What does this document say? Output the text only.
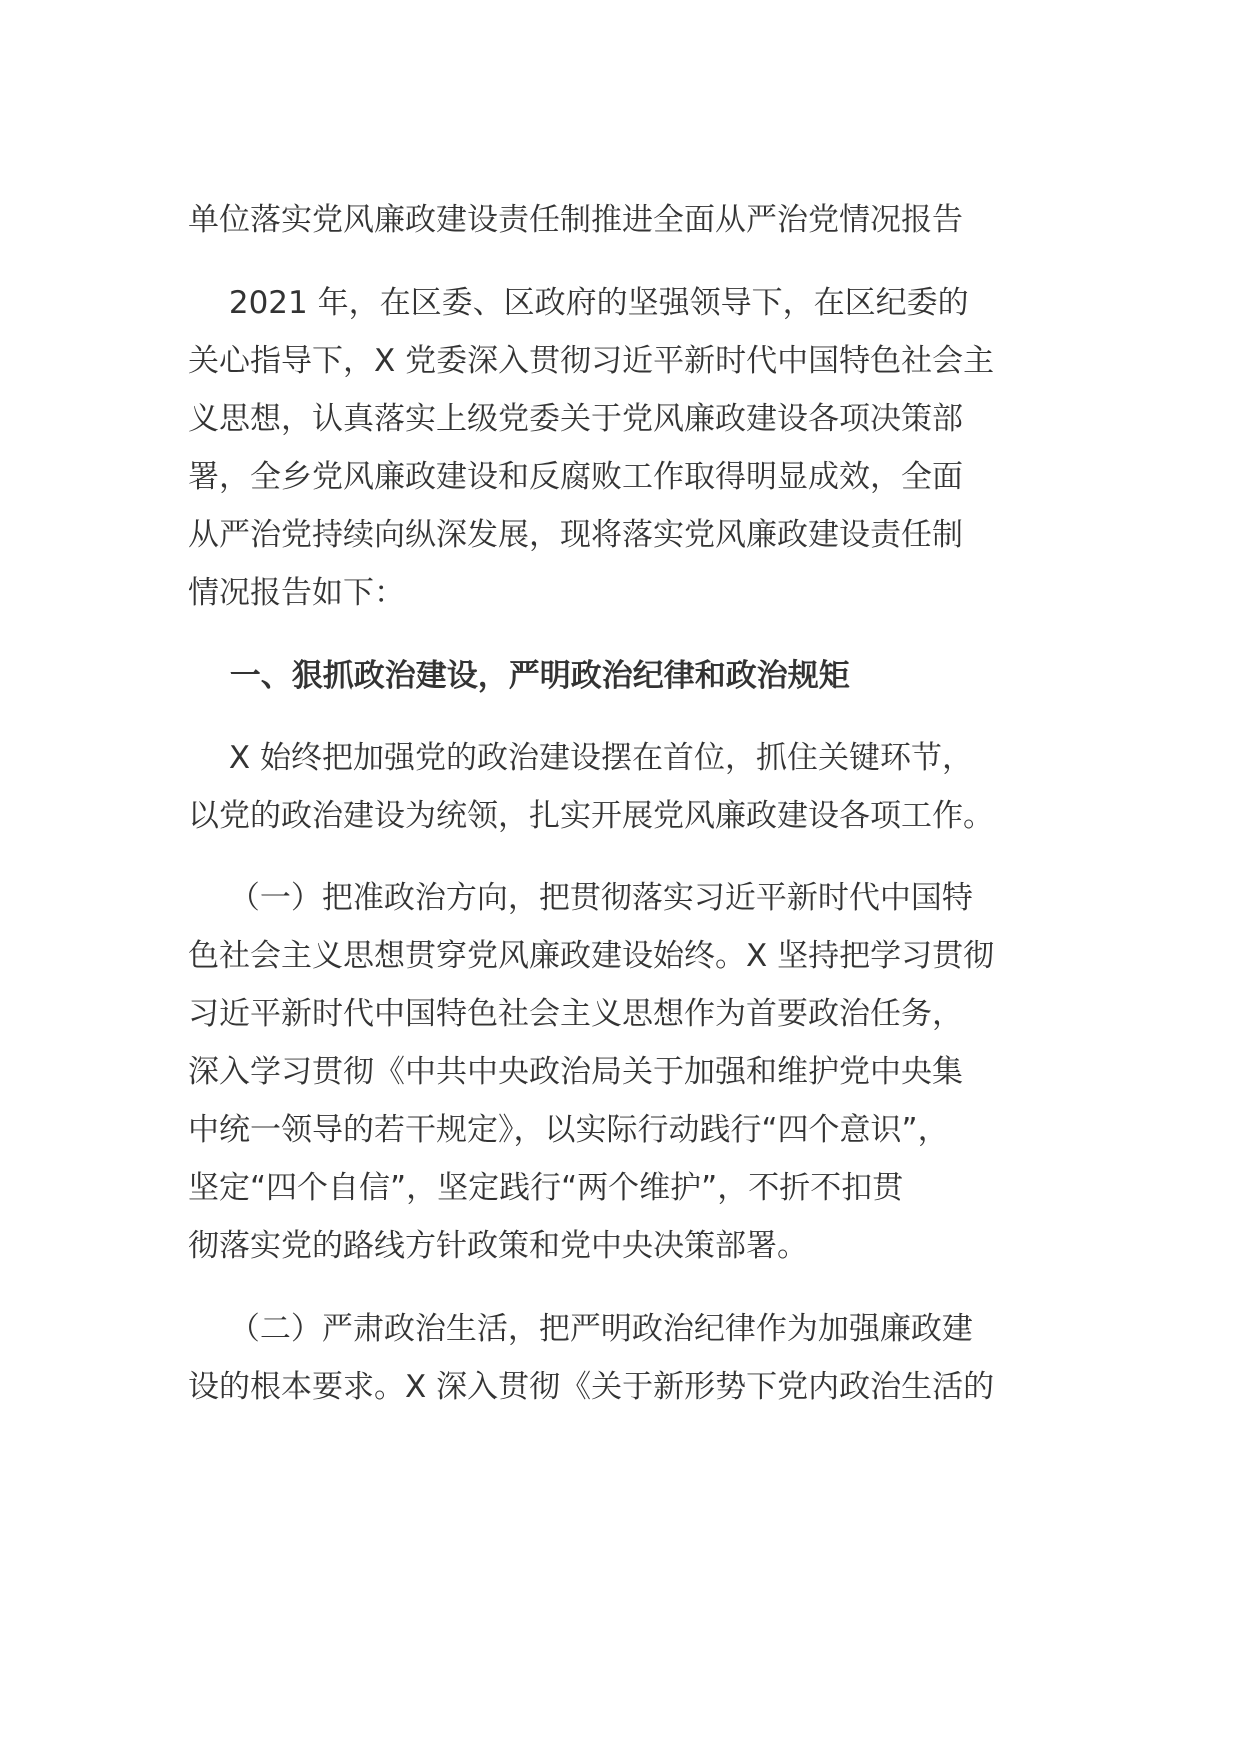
单位落实党风廉政建设责任制推进全面从严治党情况报告
　 2021 年，在区委、区政府的坚强领导下，在区纪委的
关心指导下，X 党委深入贯彻习近平新时代中国特色社会主
义思想，认真落实上级党委关于党风廉政建设各项决策部
署，全乡党风廉政建设和反腐败工作取得明显成效，全面
从严治党持续向纵深发展，现将落实党风廉政建设责任制
情况报告如下：
　 一、狠抓政治建设，严明政治纪律和政治规矩
　 X 始终把加强党的政治建设摆在首位，抓住关键环节，
以党的政治建设为统领，扎实开展党风廉政建设各项工作。
　 （一）把准政治方向，把贯彻落实习近平新时代中国特
色社会主义思想贯穿党风廉政建设始终。X 坚持把学习贯彻
习近平新时代中国特色社会主义思想作为首要政治任务，
深入学习贯彻《中共中央政治局关于加强和维护党中央集
中统一领导的若干规定》，以实际行动践行“四个意识”，
坚定“四个自信”，坚定践行“两个维护”，不折不扣贯
彻落实党的路线方针政策和党中央决策部署。
　 （二）严肃政治生活，把严明政治纪律作为加强廉政建
设的根本要求。X 深入贯彻《关于新形势下党内政治生活的
